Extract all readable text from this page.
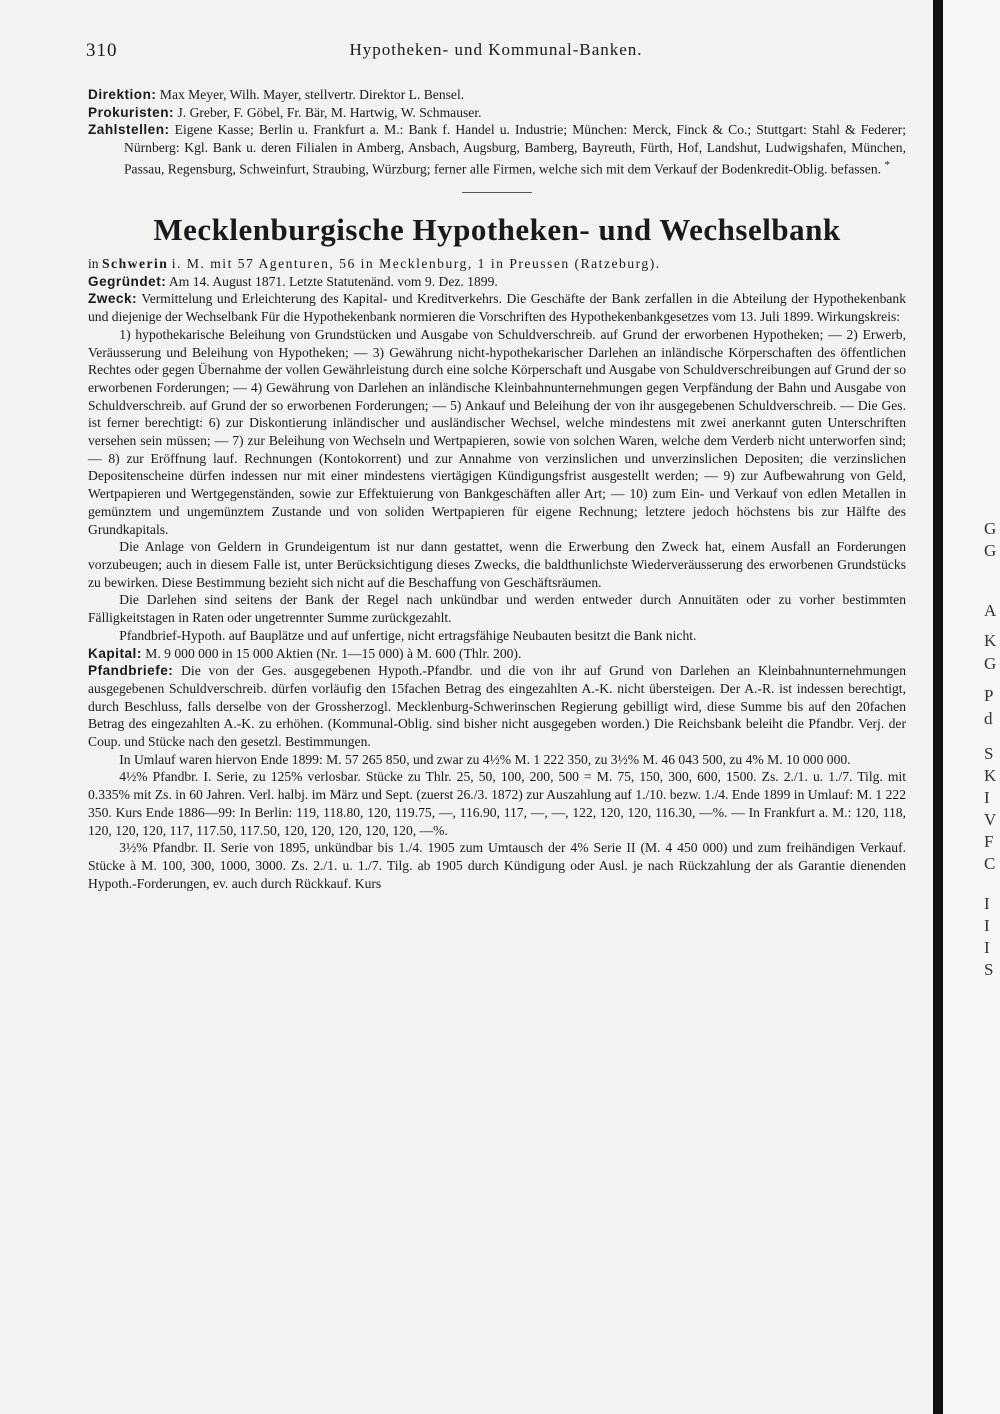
G
G
A
K
G
P
d
S
K
I
V
F
C
I
I
I
S
310	Hypotheken- und Kommunal-Banken.

Direktion: Max Meyer, Wilh. Mayer, stellvertr. Direktor L. Bensel.

Prokuristen: J. Greber, F. Göbel, Fr. Bär, M. Hartwig, W. Schmauser.

Zahlstellen: Eigene Kasse; Berlin u. Frankfurt a. M.: Bank f. Handel u. Industrie; München: Merck, Finck & Co.; Stuttgart: Stahl & Federer; Nürnberg: Kgl. Bank u. deren Filialen in Amberg, Ansbach, Augsburg, Bamberg, Bayreuth, Fürth, Hof, Landshut, Ludwigshafen, München, Passau, Regensburg, Schweinfurt, Straubing, Würzburg; ferner alle Firmen, welche sich mit dem Verkauf der Bodenkredit-Oblig. befassen. *

Mecklenburgische Hypotheken- und Wechselbank

in Schwerin i. M. mit 57 Agenturen, 56 in Mecklenburg, 1 in Preussen (Ratzeburg).

Gegründet: Am 14. August 1871. Letzte Statutenänd. vom 9. Dez. 1899.

Zweck: Vermittelung und Erleichterung des Kapital- und Kreditverkehrs. Die Geschäfte der Bank zerfallen in die Abteilung der Hypothekenbank und diejenige der Wechselbank Für die Hypothekenbank normieren die Vorschriften des Hypothekenbankgesetzes vom 13. Juli 1899. Wirkungskreis:

1) hypothekarische Beleihung von Grundstücken und Ausgabe von Schuldverschreib. auf Grund der erworbenen Hypotheken; — 2) Erwerb, Veräusserung und Beleihung von Hypotheken; — 3) Gewährung nicht-hypothekarischer Darlehen an inländische Körperschaften des öffentlichen Rechtes oder gegen Übernahme der vollen Gewährleistung durch eine solche Körperschaft und Ausgabe von Schuldverschreibungen auf Grund der so erworbenen Forderungen; — 4) Gewährung von Darlehen an inländische Kleinbahnunternehmungen gegen Verpfändung der Bahn und Ausgabe von Schuldverschreib. auf Grund der so erworbenen Forderungen; — 5) Ankauf und Beleihung der von ihr ausgegebenen Schuldverschreib. — Die Ges. ist ferner berechtigt: 6) zur Diskontierung inländischer und ausländischer Wechsel, welche mindestens mit zwei anerkannt guten Unterschriften versehen sein müssen; — 7) zur Beleihung von Wechseln und Wertpapieren, sowie von solchen Waren, welche dem Verderb nicht unterworfen sind; — 8) zur Eröffnung lauf. Rechnungen (Kontokorrent) und zur Annahme von verzinslichen und unverzinslichen Depositen; die verzinslichen Depositenscheine dürfen indessen nur mit einer mindestens viertägigen Kündigungsfrist ausgestellt werden; — 9) zur Aufbewahrung von Geld, Wertpapieren und Wertgegenständen, sowie zur Effektuierung von Bankgeschäften aller Art; — 10) zum Ein- und Verkauf von edlen Metallen in gemünztem und ungemünztem Zustande und von soliden Wertpapieren für eigene Rechnung; letztere jedoch höchstens bis zur Hälfte des Grundkapitals.

Die Anlage von Geldern in Grundeigentum ist nur dann gestattet, wenn die Erwerbung den Zweck hat, einem Ausfall an Forderungen vorzubeugen; auch in diesem Falle ist, unter Berücksichtigung dieses Zwecks, die baldthunlichste Wiederveräusserung des erworbenen Grundstücks zu bewirken. Diese Bestimmung bezieht sich nicht auf die Beschaffung von Geschäftsräumen.

Die Darlehen sind seitens der Bank der Regel nach unkündbar und werden entweder durch Annuitäten oder zu vorher bestimmten Fälligkeitstagen in Raten oder ungetrennter Summe zurückgezahlt.

Pfandbrief-Hypoth. auf Bauplätze und auf unfertige, nicht ertragsfähige Neubauten besitzt die Bank nicht.

Kapital: M. 9 000 000 in 15 000 Aktien (Nr. 1—15 000) à M. 600 (Thlr. 200).

Pfandbriefe: Die von der Ges. ausgegebenen Hypoth.-Pfandbr. und die von ihr auf Grund von Darlehen an Kleinbahnunternehmungen ausgegebenen Schuldverschreib. dürfen vorläufig den 15fachen Betrag des eingezahlten A.-K. nicht übersteigen. Der A.-R. ist indessen berechtigt, durch Beschluss, falls derselbe von der Grossherzogl. Mecklenburg-Schwerinschen Regierung gebilligt wird, diese Summe bis auf den 20fachen Betrag des eingezahlten A.-K. zu erhöhen. (Kommunal-Oblig. sind bisher nicht ausgegeben worden.) Die Reichsbank beleiht die Pfandbr. Verj. der Coup. und Stücke nach den gesetzl. Bestimmungen.

In Umlauf waren hiervon Ende 1899: M. 57 265 850, und zwar zu 4½% M. 1 222 350, zu 3½% M. 46 043 500, zu 4% M. 10 000 000.

4½% Pfandbr. I. Serie, zu 125% verlosbar. Stücke zu Thlr. 25, 50, 100, 200, 500 = M. 75, 150, 300, 600, 1500. Zs. 2./1. u. 1./7. Tilg. mit 0.335% mit Zs. in 60 Jahren. Verl. halbj. im März und Sept. (zuerst 26./3. 1872) zur Auszahlung auf 1./10. bezw. 1./4. Ende 1899 in Umlauf: M. 1 222 350. Kurs Ende 1886—99: In Berlin: 119, 118.80, 120, 119.75, —, 116.90, 117, —, —, 122, 120, 120, 116.30, —%. — In Frankfurt a. M.: 120, 118, 120, 120, 120, 117, 117.50, 117.50, 120, 120, 120, 120, 120, —%.

3½% Pfandbr. II. Serie von 1895, unkündbar bis 1./4. 1905 zum Umtausch der 4% Serie II (M. 4 450 000) und zum freihändigen Verkauf. Stücke à M. 100, 300, 1000, 3000. Zs. 2./1. u. 1./7. Tilg. ab 1905 durch Kündigung oder Ausl. je nach Rückzahlung der als Garantie dienenden Hypoth.-Forderungen, ev. auch durch Rückkauf. Kurs
